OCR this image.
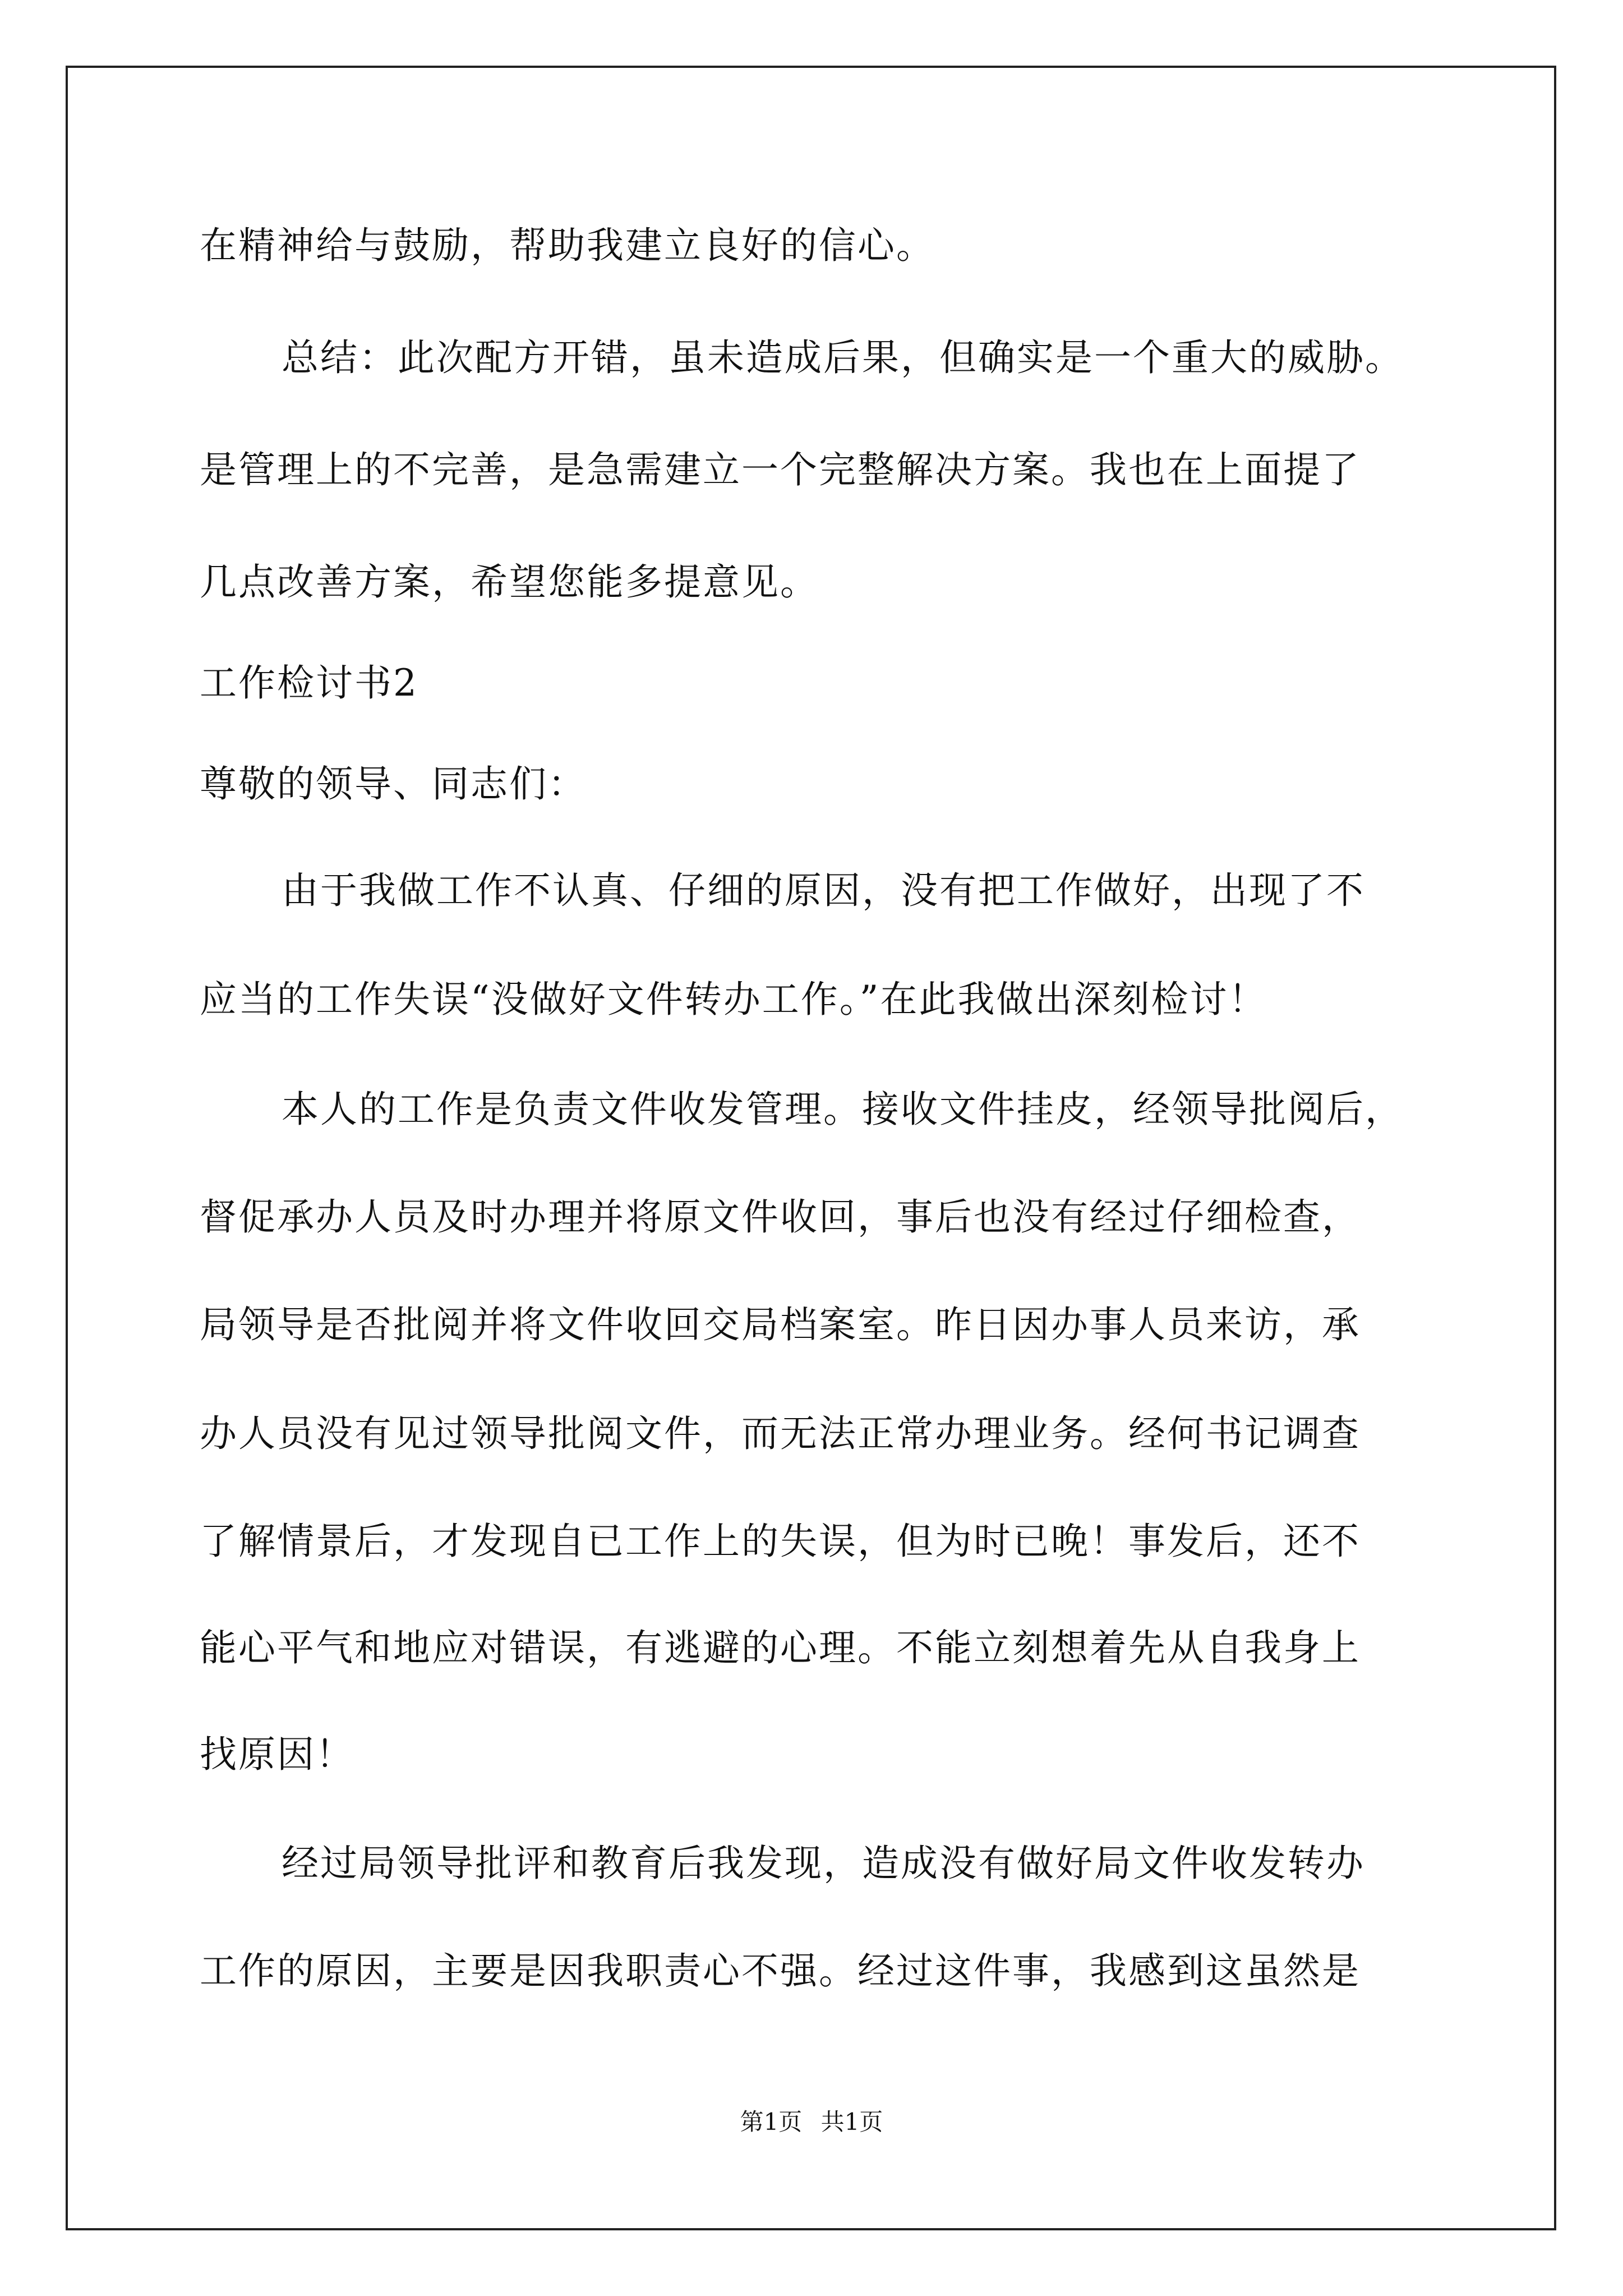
在精神给与鼓励，帮助我建立良好的信心。
总结：此次配方开错，虽未造成后果，但确实是一个重大的威胁。
是管理上的不完善，是急需建立一个完整解决方案。我也在上面提了
几点改善方案，希望您能多提意见。
工作检讨书2
尊敬的领导、同志们：
由于我做工作不认真、仔细的原因，没有把工作做好，出现了不
应当的工作失误“没做好文件转办工作。”在此我做出深刻检讨！
本人的工作是负责文件收发管理。接收文件挂皮，经领导批阅后，
督促承办人员及时办理并将原文件收回，事后也没有经过仔细检查，
局领导是否批阅并将文件收回交局档案室。昨日因办事人员来访，承
办人员没有见过领导批阅文件，而无法正常办理业务。经何书记调查
了解情景后，才发现自已工作上的失误，但为时已晚！事发后，还不
能心平气和地应对错误，有逃避的心理。不能立刻想着先从自我身上
找原因！
经过局领导批评和教育后我发现，造成没有做好局文件收发转办
工作的原因，主要是因我职责心不强。经过这件事，我感到这虽然是
第1页 共1页
